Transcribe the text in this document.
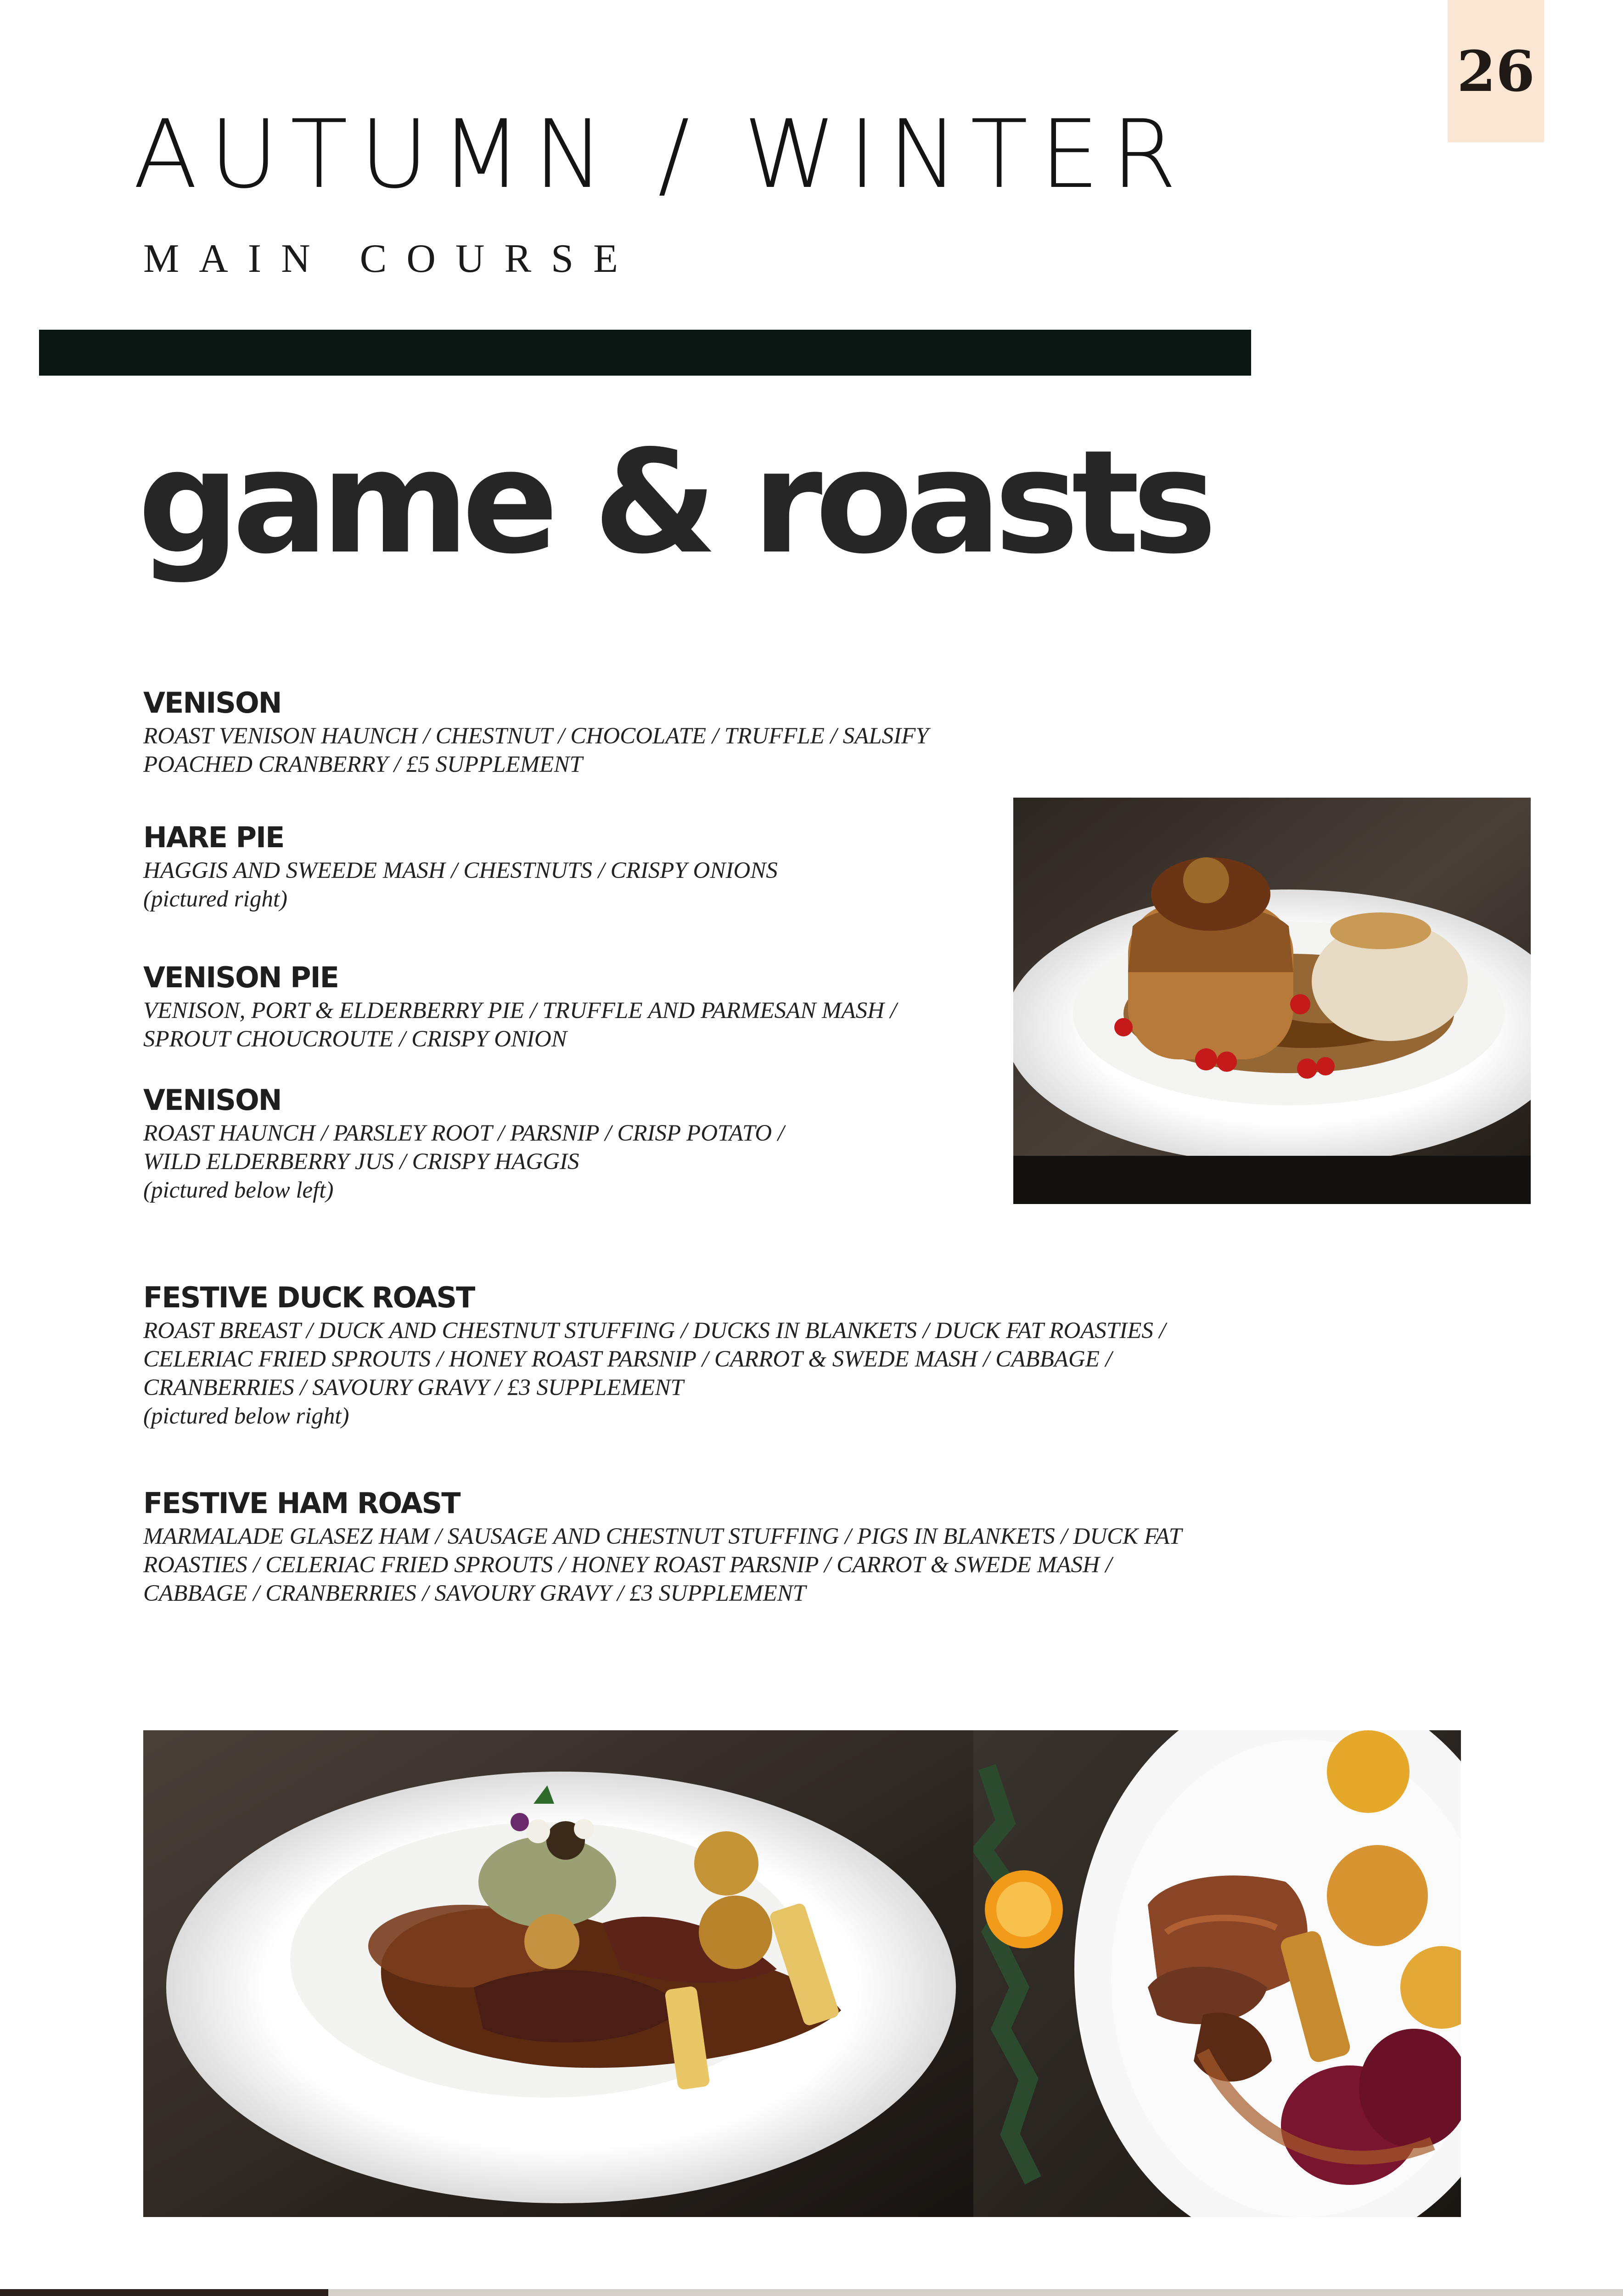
26
AUTUMN / WINTER
MAIN COURSE
game & roasts
VENISON
ROAST VENISON HAUNCH / CHESTNUT / CHOCOLATE / TRUFFLE / SALSIFY
POACHED CRANBERRY / £5 SUPPLEMENT
HARE PIE
HAGGIS AND SWEEDE MASH / CHESTNUTS / CRISPY ONIONS
(pictured right)
VENISON PIE
VENISON, PORT & ELDERBERRY PIE / TRUFFLE AND PARMESAN MASH /
SPROUT CHOUCROUTE / CRISPY ONION
VENISON
ROAST HAUNCH / PARSLEY ROOT / PARSNIP / CRISP POTATO /
WILD ELDERBERRY JUS / CRISPY HAGGIS
(pictured below left)
FESTIVE DUCK ROAST
ROAST BREAST / DUCK AND CHESTNUT STUFFING / DUCKS IN BLANKETS / DUCK FAT ROASTIES /
CELERIAC FRIED SPROUTS / HONEY ROAST PARSNIP / CARROT & SWEDE MASH / CABBAGE /
CRANBERRIES / SAVOURY GRAVY / £3 SUPPLEMENT
(pictured below right)
FESTIVE HAM ROAST
MARMALADE GLASEZ HAM / SAUSAGE AND CHESTNUT STUFFING / PIGS IN BLANKETS / DUCK FAT
ROASTIES / CELERIAC FRIED SPROUTS / HONEY ROAST PARSNIP / CARROT & SWEDE MASH /
CABBAGE / CRANBERRIES / SAVOURY GRAVY / £3 SUPPLEMENT
